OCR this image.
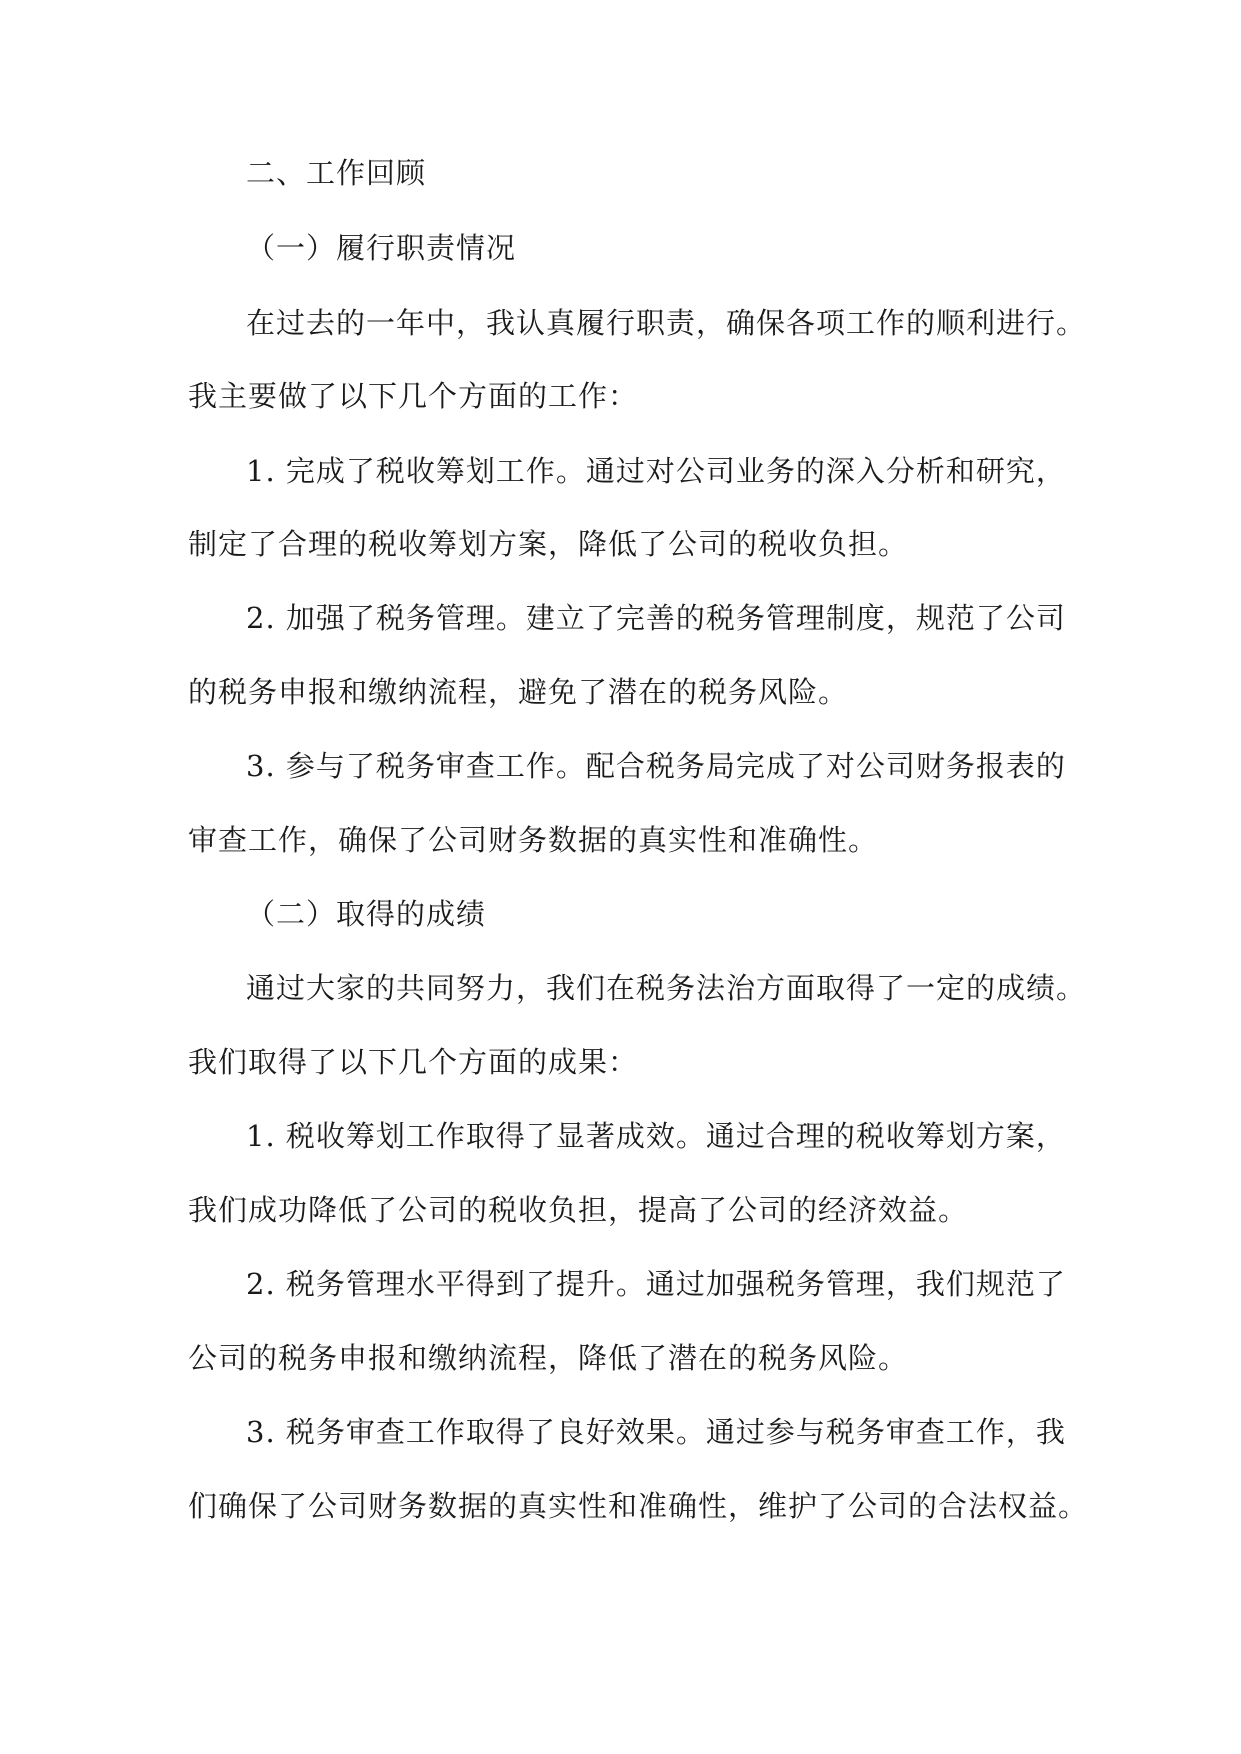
二、工作回顾
（一）履行职责情况
在过去的一年中，我认真履行职责，确保各项工作的顺利进行。
我主要做了以下几个方面的工作：
1. 完成了税收筹划工作。通过对公司业务的深入分析和研究，
制定了合理的税收筹划方案，降低了公司的税收负担。
2. 加强了税务管理。建立了完善的税务管理制度，规范了公司
的税务申报和缴纳流程，避免了潜在的税务风险。
3. 参与了税务审查工作。配合税务局完成了对公司财务报表的
审查工作，确保了公司财务数据的真实性和准确性。
（二）取得的成绩
通过大家的共同努力，我们在税务法治方面取得了一定的成绩。
我们取得了以下几个方面的成果：
1. 税收筹划工作取得了显著成效。通过合理的税收筹划方案，
我们成功降低了公司的税收负担，提高了公司的经济效益。
2. 税务管理水平得到了提升。通过加强税务管理，我们规范了
公司的税务申报和缴纳流程，降低了潜在的税务风险。
3. 税务审查工作取得了良好效果。通过参与税务审查工作，我
们确保了公司财务数据的真实性和准确性，维护了公司的合法权益。
